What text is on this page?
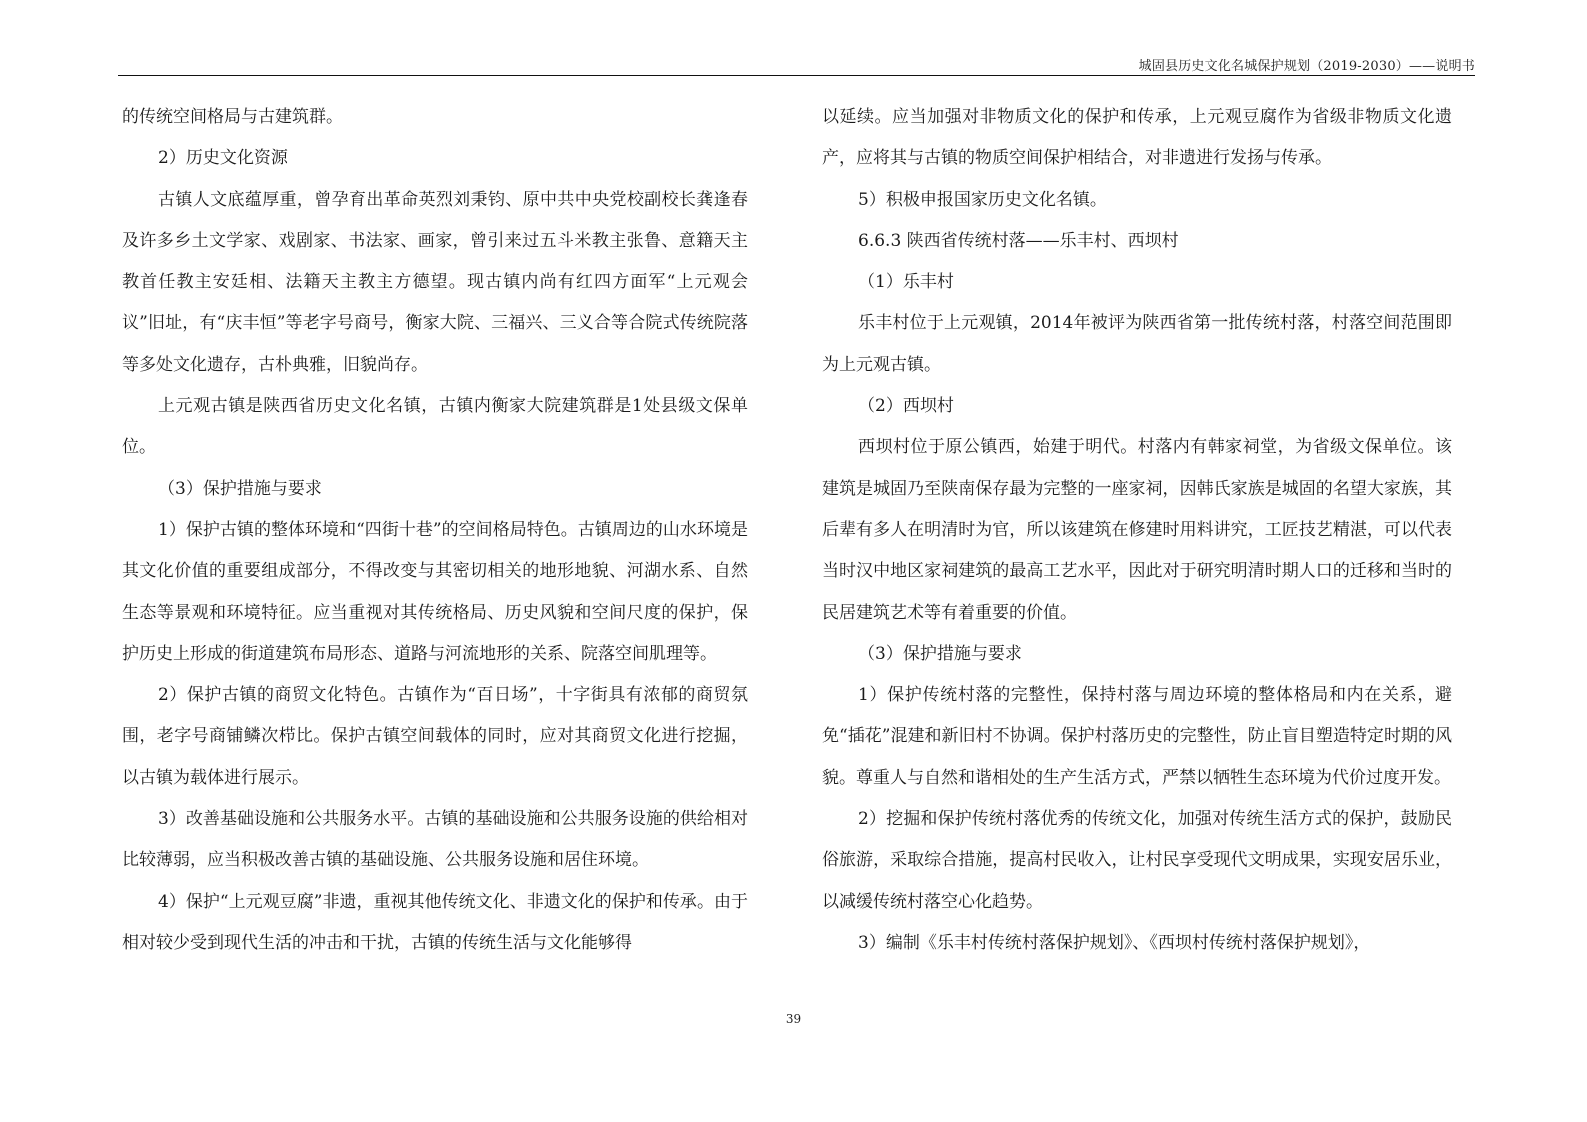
城固县历史文化名城保护规划（2019-2030）——说明书

的传统空间格局与古建筑群。

2）历史文化资源

古镇人文底蕴厚重，曾孕育出革命英烈刘秉钧、原中共中央党校副校长龚逢春及许多乡土文学家、戏剧家、书法家、画家，曾引来过五斗米教主张鲁、意籍天主教首任教主安廷相、法籍天主教主方德望。现古镇内尚有红四方面军“上元观会议”旧址，有“庆丰恒”等老字号商号，衡家大院、三福兴、三义合等合院式传统院落等多处文化遗存，古朴典雅，旧貌尚存。

上元观古镇是陕西省历史文化名镇，古镇内衡家大院建筑群是1处县级文保单位。

（3）保护措施与要求

1）保护古镇的整体环境和“四街十巷”的空间格局特色。古镇周边的山水环境是其文化价值的重要组成部分，不得改变与其密切相关的地形地貌、河湖水系、自然生态等景观和环境特征。应当重视对其传统格局、历史风貌和空间尺度的保护，保护历史上形成的街道建筑布局形态、道路与河流地形的关系、院落空间肌理等。

2）保护古镇的商贸文化特色。古镇作为“百日场”，十字街具有浓郁的商贸氛围，老字号商铺鳞次栉比。保护古镇空间载体的同时，应对其商贸文化进行挖掘，以古镇为载体进行展示。

3）改善基础设施和公共服务水平。古镇的基础设施和公共服务设施的供给相对比较薄弱，应当积极改善古镇的基础设施、公共服务设施和居住环境。

4）保护“上元观豆腐”非遗，重视其他传统文化、非遗文化的保护和传承。由于相对较少受到现代生活的冲击和干扰，古镇的传统生活与文化能够得

以延续。应当加强对非物质文化的保护和传承，上元观豆腐作为省级非物质文化遗产，应将其与古镇的物质空间保护相结合，对非遗进行发扬与传承。

5）积极申报国家历史文化名镇。

6.6.3 陕西省传统村落——乐丰村、西坝村

（1）乐丰村

乐丰村位于上元观镇，2014年被评为陕西省第一批传统村落，村落空间范围即为上元观古镇。

（2）西坝村

西坝村位于原公镇西，始建于明代。村落内有韩家祠堂，为省级文保单位。该建筑是城固乃至陕南保存最为完整的一座家祠，因韩氏家族是城固的名望大家族，其后辈有多人在明清时为官，所以该建筑在修建时用料讲究，工匠技艺精湛，可以代表当时汉中地区家祠建筑的最高工艺水平，因此对于研究明清时期人口的迁移和当时的民居建筑艺术等有着重要的价值。

（3）保护措施与要求

1）保护传统村落的完整性，保持村落与周边环境的整体格局和内在关系，避免“插花”混建和新旧村不协调。保护村落历史的完整性，防止盲目塑造特定时期的风貌。尊重人与自然和谐相处的生产生活方式，严禁以牺牲生态环境为代价过度开发。

2）挖掘和保护传统村落优秀的传统文化，加强对传统生活方式的保护，鼓励民俗旅游，采取综合措施，提高村民收入，让村民享受现代文明成果，实现安居乐业，以减缓传统村落空心化趋势。

3）编制《乐丰村传统村落保护规划》、《西坝村传统村落保护规划》，

39
